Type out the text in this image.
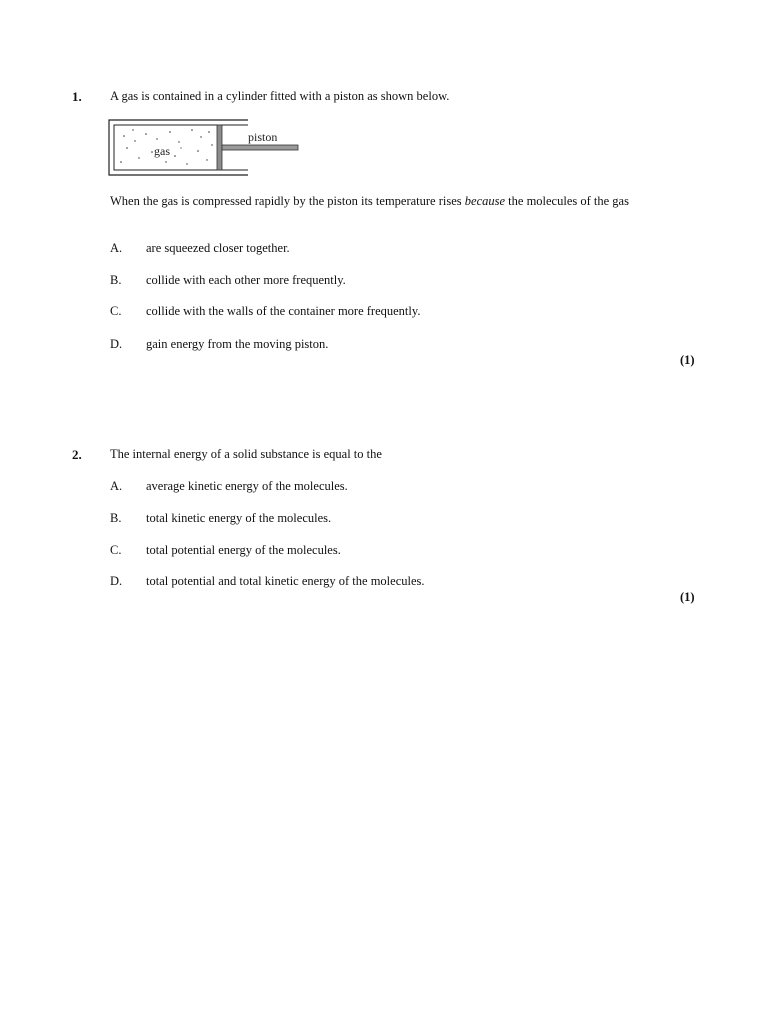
1. A gas is contained in a cylinder fitted with a piston as shown below.
gas
piston
When the gas is compressed rapidly by the piston its temperature rises because the molecules of the gas
A.	are squeezed closer together.
B.	collide with each other more frequently.
C.	collide with the walls of the container more frequently.
D.	gain energy from the moving piston.
(1)
2. The internal energy of a solid substance is equal to the
A.	average kinetic energy of the molecules.
B.	total kinetic energy of the molecules.
C.	total potential energy of the molecules.
D.	total potential and total kinetic energy of the molecules.
(1)
